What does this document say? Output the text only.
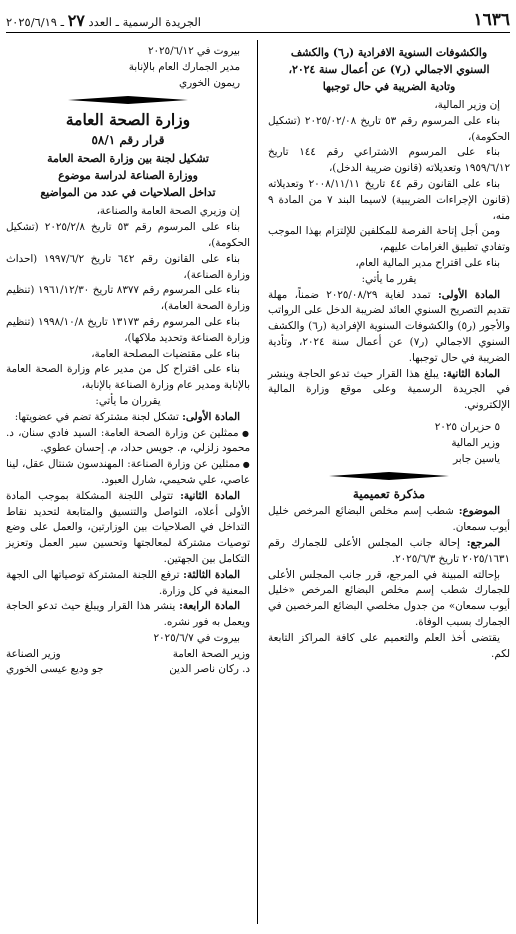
١٦٣٦
الجريدة الرسمية ـ العدد ٢٧ ـ ٢٠٢٥/٦/١٩
والكشوفات السنوية الافرادية (ر٦) والكشف
السنوي الاجمالي (ر٧) عن أعمال سنة ٢٠٢٤،
وتادية الضريبة في حال توجبها

إن وزير المالية،

بناء على المرسوم رقم ٥٣ تاريخ ٢٠٢٥/٠٢/٠٨ (تشكيل الحكومة)،

بناء على المرسوم الاشتراعي رقم ١٤٤ تاريخ ١٩٥٩/٦/١٢ وتعديلاته (قانون ضريبة الدخل)،

بناء على القانون رقم ٤٤ تاريخ ٢٠٠٨/١١/١١ وتعديلاته (قانون الإجراءات الضريبية) لاسيما البند ٧ من المادة ٩ منه،

ومن أجل إتاحة الفرصة للمكلفين للإلتزام بهذا الموجب وتفادي تطبيق الغرامات عليهم،

بناء على اقتراح مدير المالية العام،

يقرر ما يأتي:

المادة الأولى: تمدد لغاية ٢٠٢٥/٠٨/٢٩ ضمناً، مهلة تقديم التصريح السنوي العائد لضريبة الدخل على الرواتب والأجور (ر٥) والكشوفات السنوية الإفرادية (ر٦) والكشف السنوي الاجمالي (ر٧) عن أعمال سنة ٢٠٢٤، وتأدية الضريبة في حال توجبها.

المادة الثانية: يبلغ هذا القرار حيث تدعو الحاجة وينشر في الجريدة الرسمية وعلى موقع وزارة المالية الإلكتروني.

٥ حزيران ٢٠٢٥

وزير المالية

ياسين جابر

مذكرة تعميمية

الموضوع: شطب إسم مخلص البضائع المرخص خليل أيوب سمعان.

المرجع: إحالة جانب المجلس الأعلى للجمارك رقم ٢٠٢٥/١٦٣١ تاريخ ٢٠٢٥/٦/٣.

بإحالته المبينة في المرجع، قرر جانب المجلس الأعلى للجمارك شطب إسم مخلص البضائع المرخص «خليل أيوب سمعان» من جدول مخلصي البضائع المرخصين في الجمارك بسبب الوفاة.

يقتضى أخذ العلم والتعميم على كافة المراكز التابعة لكم.

بيروت في ٢٠٢٥/٦/١٢

مدير الجمارك العام بالإنابة

ريمون الخوري

وزارة الصحة العامة
قرار رقم ٥٨/١
تشكيل لجنة بين وزارة الصحة العامة
ووزارة الصناعة لدراسة موضوع
تداخل الصلاحيات في عدد من المواضيع

إن وزيري الصحة العامة والصناعة،

بناء على المرسوم رقم ٥٣ تاريخ ٢٠٢٥/٢/٨ (تشكيل الحكومة)،

بناء على القانون رقم ٦٤٢ تاريخ ١٩٩٧/٦/٢ (احداث وزارة الصناعة)،

بناء على المرسوم رقم ٨٣٧٧ تاريخ ١٩٦١/١٢/٣٠ (تنظيم وزارة الصحة العامة)،

بناء على المرسوم رقم ١٣١٧٣ تاريخ ١٩٩٨/١٠/٨ (تنظيم وزارة الصناعة وتحديد ملاكها)،

بناء على مقتضيات المصلحة العامة،

بناء على اقتراح كل من مدير عام وزارة الصحة العامة بالإنابة ومدير عام وزارة الصناعة بالإنابة،

يقرران ما يأتي:

المادة الأولى: تشكل لجنة مشتركة تضم في عضويتها:

● ممثلين عن وزارة الصحة العامة: السيد فادي سنان، د. محمود زلزلي، م. جويس حداد، م. إحسان عطوي.
● ممثلين عن وزارة الصناعة: المهندسون شنتال عقل، لينا عاصي، علي شحيمي، شارل العبود.

المادة الثانية: تتولى اللجنة المشكلة بموجب المادة الأولى أعلاه، التواصل والتنسيق والمتابعة لتحديد نقاط التداخل في الصلاحيات بين الوزارتين، والعمل على وضع توصيات مشتركة لمعالجتها وتحسين سير العمل وتعزيز التكامل بين الجهتين.

المادة الثالثة: ترفع اللجنة المشتركة توصياتها الى الجهة المعنية في كل وزارة.

المادة الرابعة: ينشر هذا القرار ويبلغ حيث تدعو الحاجة ويعمل به فور نشره.

بيروت في ٢٠٢٥/٦/٧

وزير الصحة العامة
وزير الصناعة
د. ركان ناصر الدين
جو وديع عيسى الخوري
